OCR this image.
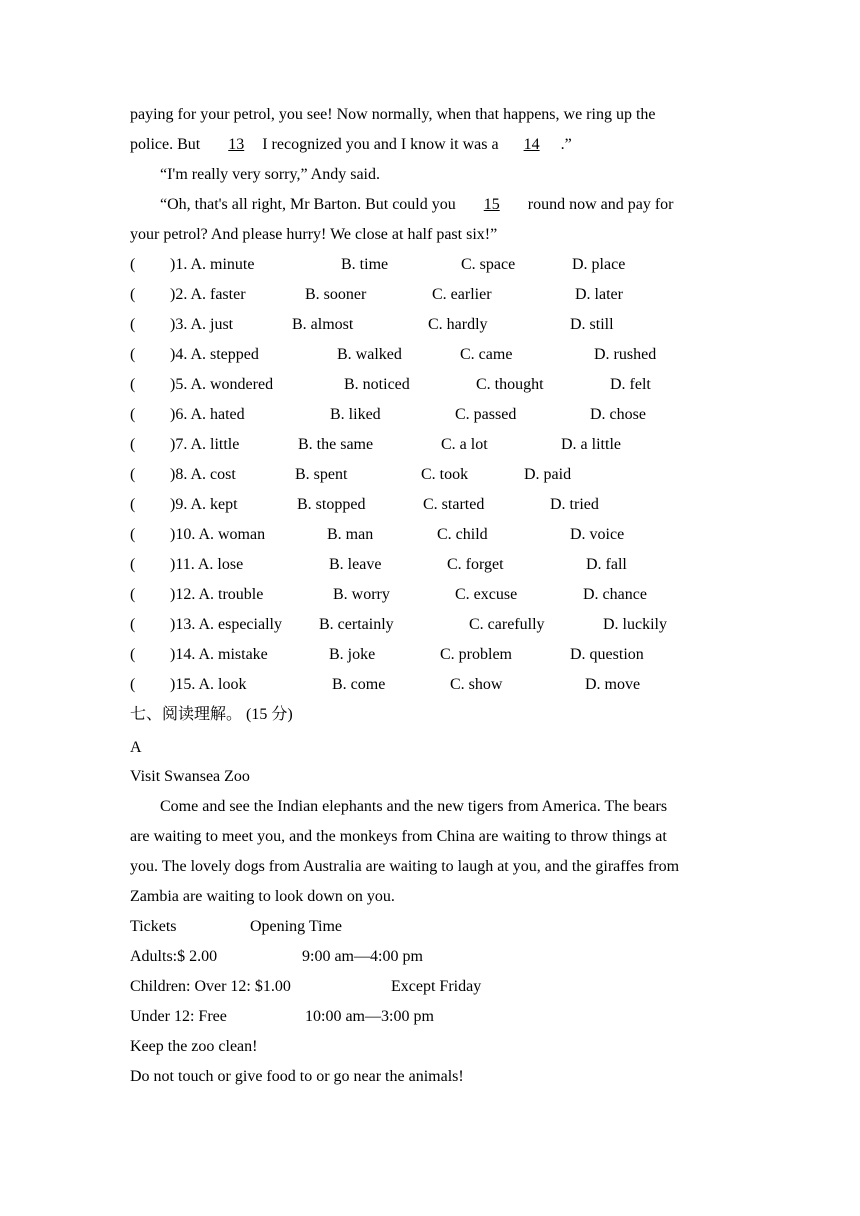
paying for your petrol, you see! Now normally, when that happens, we ring up the
police. But 13 I recognized you and I know it was a 14 .”
“I'm really very sorry,” Andy said.
“Oh, that's all right, Mr Barton. But could you 15 round now and pay for
your petrol? And please hurry! We close at half past six!”
( )1. A. minute	B. time	C. space	D. place
( )2. A. faster	B. sooner	C. earlier	D. later
( )3. A. just	B. almost	C. hardly	D. still
( )4. A. stepped	B. walked	C. came	D. rushed
( )5. A. wondered	B. noticed	C. thought	D. felt
( )6. A. hated	B. liked	C. passed	D. chose
( )7. A. little	B. the same	C. a lot	D. a little
( )8. A. cost	B. spent	C. took	D. paid
( )9. A. kept	B. stopped	C. started	D. tried
( )10. A. woman	B. man	C. child	D. voice
( )11. A. lose	B. leave	C. forget	D. fall
( )12. A. trouble	B. worry	C. excuse	D. chance
( )13. A. especially B. certainly	C. carefully	D. luckily
( )14. A. mistake	B. joke	C. problem	D. question
( )15. A. look	B. come	C. show	D. move
七、阅读理解。 (15 分)
A
Visit Swansea Zoo
Come and see the Indian elephants and the new tigers from America. The bears
are waiting to meet you, and the monkeys from China are waiting to throw things at
you. The lovely dogs from Australia are waiting to laugh at you, and the giraffes from
Zambia are waiting to look down on you.
Tickets	Opening Time
Adults:$ 2.00	9:00 am—4:00 pm
Children: Over 12: $1.00	Except Friday
Under 12: Free	10:00 am—3:00 pm
Keep the zoo clean!
Do not touch or give food to or go near the animals!
